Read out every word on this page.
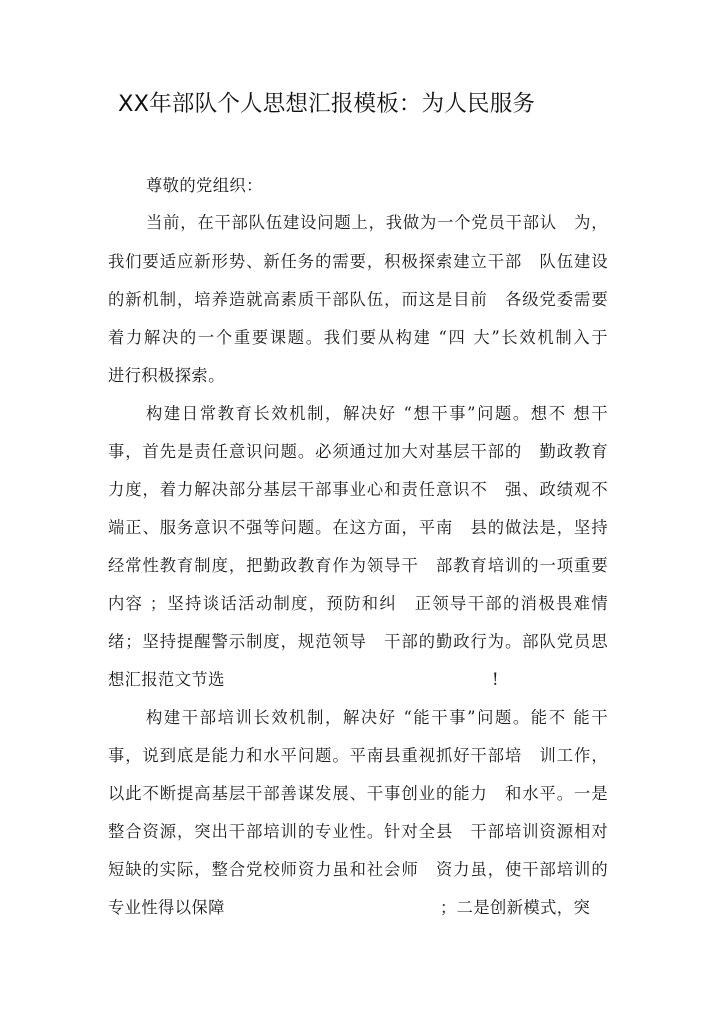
XX年部队个人思想汇报模板：为人民服务
尊敬的党组织：
当前，在干部队伍建设问题上，我做为一个党员干部认　为，
我们要适应新形势、新任务的需要，积极探索建立干部　队伍建设
的新机制，培养造就高素质干部队伍，而这是目前　各级党委需要
着力解决的一个重要课题。我们要从构建 “四 大”长效机制入于
进行积极探索。
构建日常教育长效机制，解决好 “想干事”问题。想不 想干
事，首先是责任意识问题。必须通过加大对基层干部的　勤政教育
力度，着力解决部分基层干部事业心和责任意识不　强、政绩观不
端正、服务意识不强等问题。在这方面，平南　县的做法是，坚持
经常性教育制度，把勤政教育作为领导干　部教育培训的一项重要
内容 ；坚持谈话活动制度，预防和纠　正领导干部的消极畏难情
绪；坚持提醒警示制度，规范领导　干部的勤政行为。部队党员思
想汇报范文节选	!
构建干部培训长效机制，解决好 “能干事”问题。能不 能干
事，说到底是能力和水平问题。平南县重视抓好干部培　训工作，
以此不断提高基层干部善谋发展、干事创业的能力　和水平。一是
整合资源，突出干部培训的专业性。针对全县　干部培训资源相对
短缺的实际，整合党校师资力虽和社会师　资力虽，使干部培训的
专业性得以保障	；二是创新模式，突
